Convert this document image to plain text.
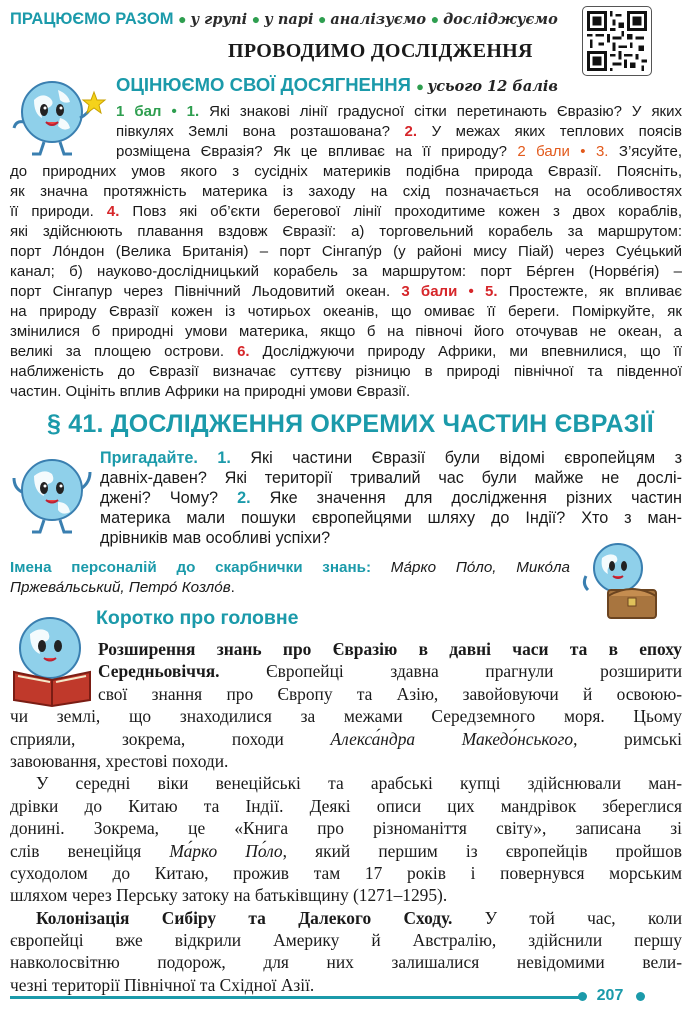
ПРАЦЮЄМО РАЗОМ ● у групі ● у парі ● аналізуємо ● досліджуємо
ПРОВОДИМО ДОСЛІДЖЕННЯ
ОЦІНЮЄМО СВОЇ ДОСЯГНЕННЯ ● усього 12 балів
1 бал • 1. Які знакові лінії градусної сітки перетинають Євразію? У яких
півкулях Землі вона розташована? 2. У межах яких теплових поясів
розміщена Євразія? Як це впливає на її природу? 2 бали • 3. З’ясуйте,
до природних умов якого з сусідніх материків подібна природа Євразії. Поясніть,
як значна протяжність материка із заходу на схід позначається на особливостях
її природи. 4. Повз які об’єкти берегової лінії проходитиме кожен з двох кораблів,
які здійснюють плавання вздовж Євразії: а) торговельний корабель за маршрутом:
порт Ло́ндон (Велика Британія) – порт Сінгапу́р (у районі мису Піай) через Суе́цький
канал; б) науково-дослідницький корабель за маршрутом: порт Бе́рген (Норве́гія) –
порт Сінгапур через Північний Льодовитий океан. 3 бали • 5. Простежте, як впливає
на природу Євразії кожен із чотирьох океанів, що омиває її береги. Поміркуйте, як
змінилися б природні умови материка, якщо б на півночі його оточував не океан, а
великі за площею острови. 6. Досліджуючи природу Африки, ми впевнилися, що її
наближеність до Євразії визначає суттєву різницю в природі північної та південної
частин. Оцініть вплив Африки на природні умови Євразії.
§ 41. ДОСЛІДЖЕННЯ ОКРЕМИХ ЧАСТИН ЄВРАЗІЇ
Пригадайте. 1. Які частини Євразії були відомі європейцям з
давніх-давен? Які території тривалий час були майже не дослі-
джені? Чому? 2. Яке значення для дослідження різних частин
материка мали пошуки європейцями шляху до Індії? Хто з ман-
дрівників мав особливі успіхи?
Імена персоналій до скарбнички знань: Ма́рко По́ло, Мико́ла
Пржева́льський, Петро́ Козло́в.
Коротко про головне
Розширення знань про Євразію в давні часи та в епоху
Середньовіччя. Європейці здавна прагнули розширити
свої знання про Європу та Азію, завойовуючи й освоюю-
чи землі, що знаходилися за межами Середземного моря. Цьому
сприяли, зокрема, походи Алекса́ндра Македо́нського, римські
завоювання, хрестові походи.
У середні віки венеційські та арабські купці здійснювали ман-
дрівки до Китаю та Індії. Деякі описи цих мандрівок збереглися
донині. Зокрема, це «Книга про різноманіття світу», записана зі
слів венеційця Ма́рко По́ло, який першим із європейців пройшов
суходолом до Китаю, прожив там 17 років і повернувся морським
шляхом через Перську затоку на батьківщину (1271–1295).
Колонізація Сибіру та Далекого Сходу. У той час, коли
європейці вже відкрили Америку й Австралію, здійснили першу
навколосвітню подорож, для них залишалися невідомими вели-
чезні території Північної та Східної Азії.
207
